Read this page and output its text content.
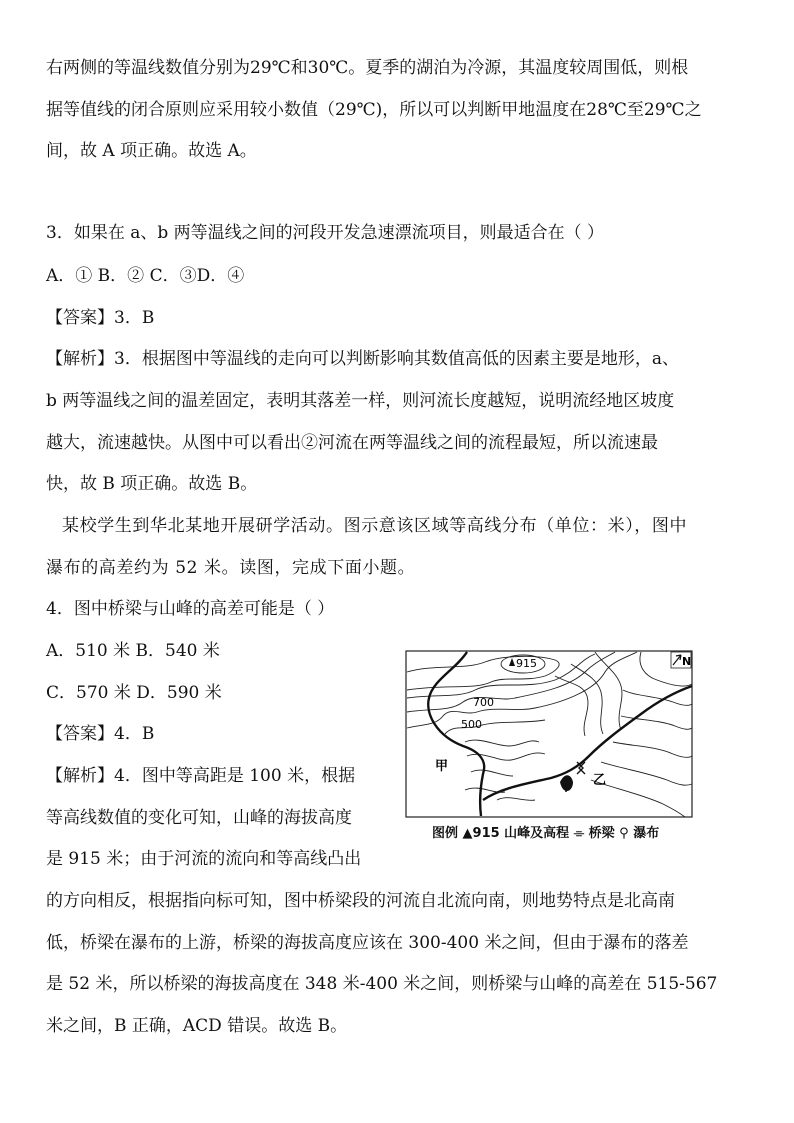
右两侧的等温线数值分别为29℃和30℃。夏季的湖泊为冷源，其温度较周围低，则根
据等值线的闭合原则应采用较小数值（29℃)，所以可以判断甲地温度在28℃至29℃之
间，故 A 项正确。故选 A。
3．如果在 a、b 两等温线之间的河段开发急速漂流项目，则最适合在（ ）
A．① B．② C．③D．④
【答案】3．B
【解析】3．根据图中等温线的走向可以判断影响其数值高低的因素主要是地形，a、
b 两等温线之间的温差固定，表明其落差一样，则河流长度越短，说明流经地区坡度
越大，流速越快。从图中可以看出②河流在两等温线之间的流程最短，所以流速最
快，故 B 项正确。故选 B。
某校学生到华北某地开展研学活动。图示意该区域等高线分布（单位：米），图中
瀑布的高差约为 52 米。读图，完成下面小题。
4．图中桥梁与山峰的高差可能是（ ）
A．510 米 B．540 米
C．570 米 D．590 米
【答案】4．B
【解析】4．图中等高距是 100 米，根据
等高线数值的变化可知，山峰的海拔高度
是 915 米；由于河流的流向和等高线凸出
的方向相反，根据指向标可知，图中桥梁段的河流自北流向南，则地势特点是北高南
低，桥梁在瀑布的上游，桥梁的海拔高度应该在 300-400 米之间，但由于瀑布的落差
是 52 米，所以桥梁的海拔高度在 348 米-400 米之间，则桥梁与山峰的高差在 515-567
米之间，B 正确，ACD 错误。故选 B。
915
700
500
甲
乙
N
图例 ▲915 山峰及高程 ⌯ 桥梁 ⚲ 瀑布
